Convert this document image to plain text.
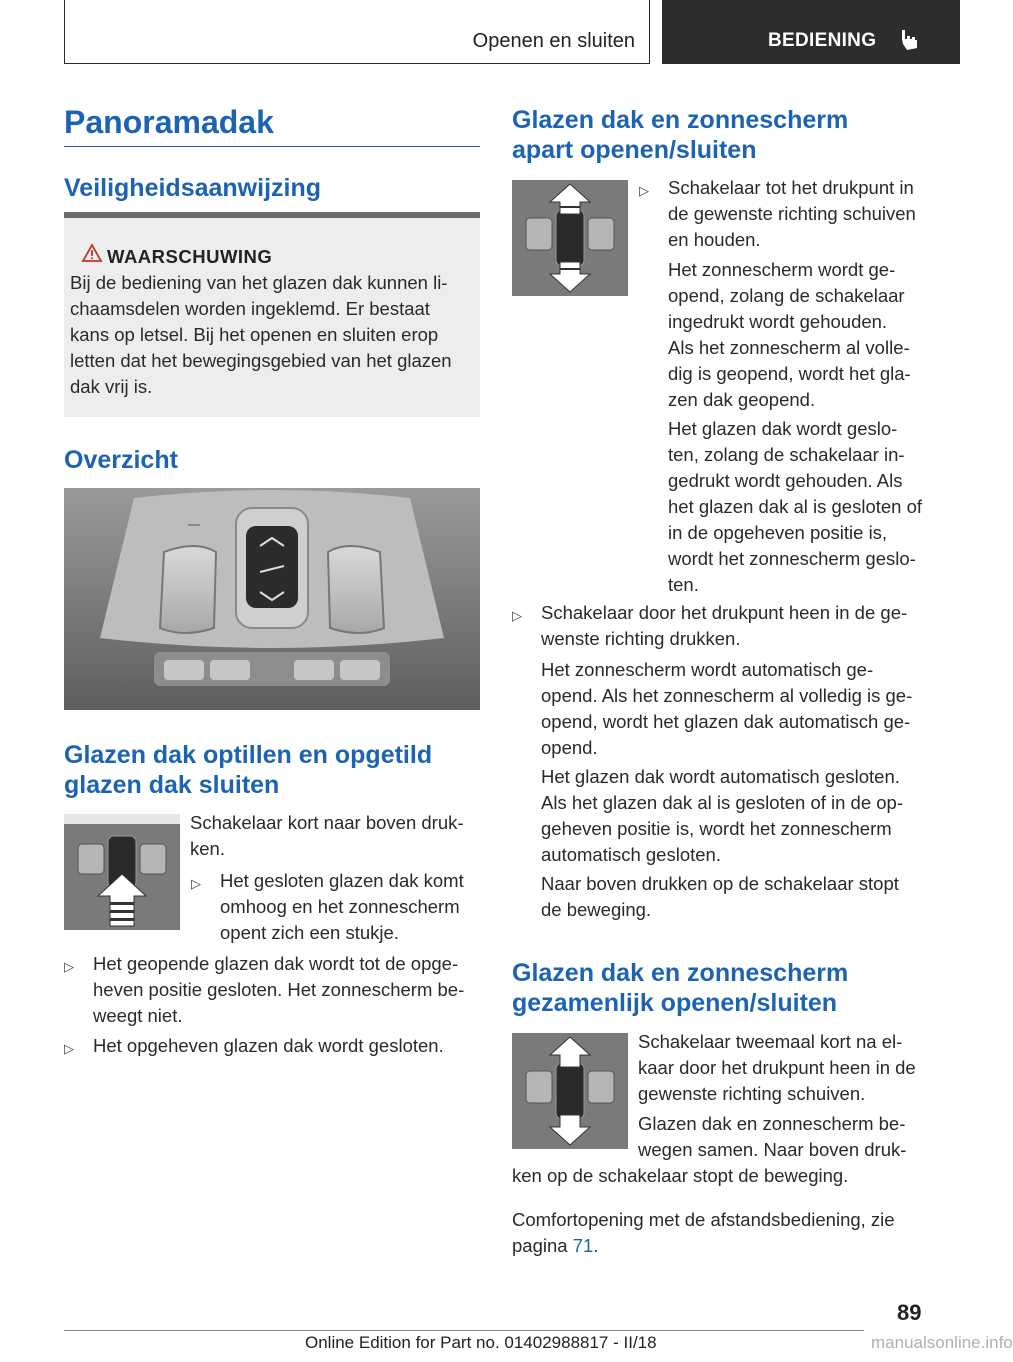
Openen en sluiten	BEDIENING
Panoramadak
Veiligheidsaanwijzing
WAARSCHUWING
Bij de bediening van het glazen dak kunnen li-
chaamsdelen worden ingeklemd. Er bestaat
kans op letsel. Bij het openen en sluiten erop
letten dat het bewegingsgebied van het glazen
dak vrij is.
Overzicht
Glazen dak optillen en opgetild
glazen dak sluiten
Schakelaar kort naar boven druk-
ken.
▷ Het gesloten glazen dak komt
omhoog en het zonnescherm
opent zich een stukje.
▷ Het geopende glazen dak wordt tot de opge-
heven positie gesloten. Het zonnescherm be-
weegt niet.
▷ Het opgeheven glazen dak wordt gesloten.
Glazen dak en zonnescherm
apart openen/sluiten
▷ Schakelaar tot het drukpunt in
de gewenste richting schuiven
en houden.
Het zonnescherm wordt ge-
opend, zolang de schakelaar
ingedrukt wordt gehouden.
Als het zonnescherm al volle-
dig is geopend, wordt het gla-
zen dak geopend.
Het glazen dak wordt geslo-
ten, zolang de schakelaar in-
gedrukt wordt gehouden. Als
het glazen dak al is gesloten of
in de opgeheven positie is,
wordt het zonnescherm geslo-
ten.
▷ Schakelaar door het drukpunt heen in de ge-
wenste richting drukken.
Het zonnescherm wordt automatisch ge-
opend. Als het zonnescherm al volledig is ge-
opend, wordt het glazen dak automatisch ge-
opend.
Het glazen dak wordt automatisch gesloten.
Als het glazen dak al is gesloten of in de op-
geheven positie is, wordt het zonnescherm
automatisch gesloten.
Naar boven drukken op de schakelaar stopt
de beweging.
Glazen dak en zonnescherm
gezamenlijk openen/sluiten
Schakelaar tweemaal kort na el-
kaar door het drukpunt heen in de
gewenste richting schuiven.
Glazen dak en zonnescherm be-
wegen samen. Naar boven druk-
ken op de schakelaar stopt de beweging.
Comfortopening met de afstandsbediening, zie
pagina 71.
89
Online Edition for Part no. 01402988817 - II/18	manualsonline.info
